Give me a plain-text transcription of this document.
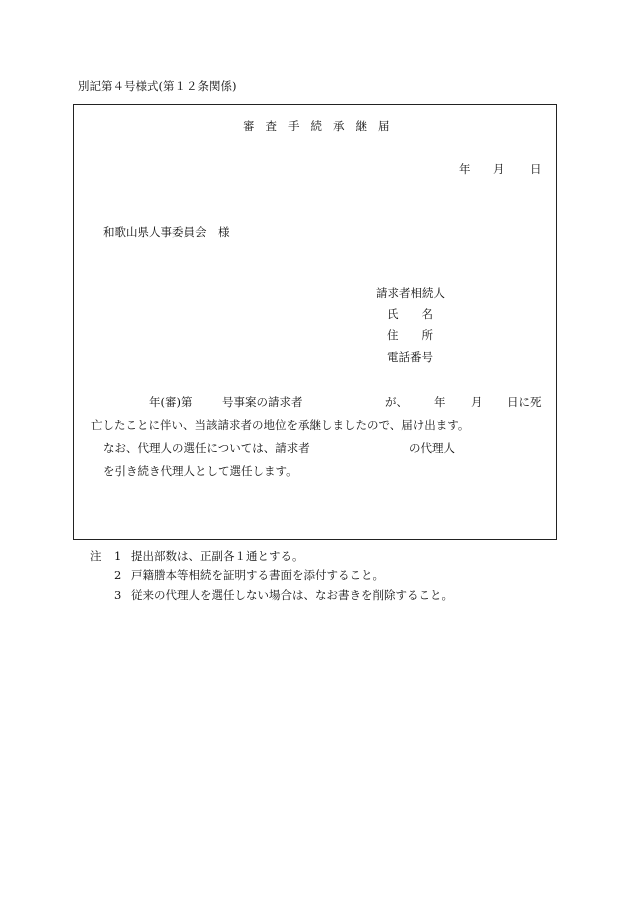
別記第４号様式(第１２条関係)
審査手続承継届
年 月 日
和歌山県人事委員会　様
請求者相続人
氏　　名
住　　所
電話番号
年(審)第	号事案の請求者	が、 年 月 日に死
亡したことに伴い、当該請求者の地位を承継しましたので、届け出ます。
なお、代理人の選任については、請求者	の代理人
を引き続き代理人として選任します。
注 1 提出部数は、正副各１通とする。
2 戸籍謄本等相続を証明する書面を添付すること。
3 従来の代理人を選任しない場合は、なお書きを削除すること。
